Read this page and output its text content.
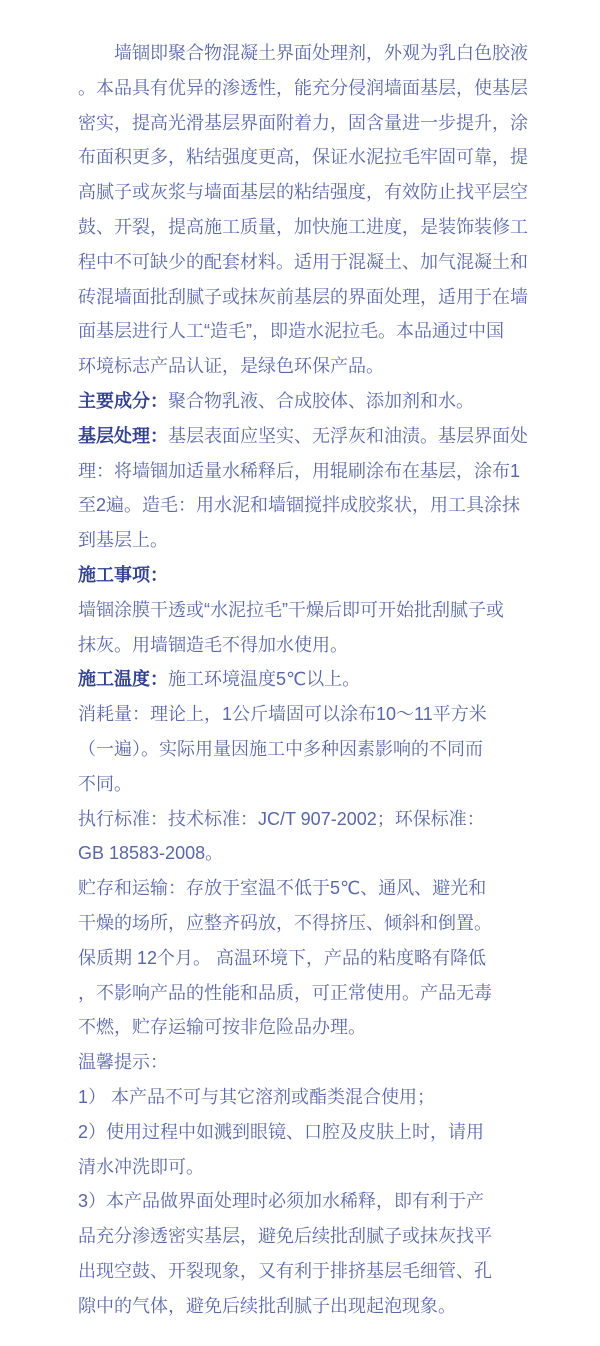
墙锢即聚合物混凝土界面处理剂，外观为乳白色胶液
。本品具有优异的渗透性，能充分侵润墙面基层，使基层
密实，提高光滑基层界面附着力，固含量进一步提升，涂
布面积更多，粘结强度更高，保证水泥拉毛牢固可靠，提
高腻子或灰浆与墙面基层的粘结强度，有效防止找平层空
鼓、开裂，提高施工质量，加快施工进度，是装饰装修工
程中不可缺少的配套材料。适用于混凝土、加气混凝土和
砖混墙面批刮腻子或抹灰前基层的界面处理，适用于在墙
面基层进行人工“造毛”，即造水泥拉毛。本品通过中国
环境标志产品认证，是绿色环保产品。
主要成分：聚合物乳液、合成胶体、添加剂和水。
基层处理：基层表面应坚实、无浮灰和油渍。基层界面处
理：将墙锢加适量水稀释后，用辊刷涂布在基层，涂布1
至2遍。造毛：用水泥和墙锢搅拌成胶浆状，用工具涂抹
到基层上。
施工事项：
墙锢涂膜干透或“水泥拉毛”干燥后即可开始批刮腻子或
抹灰。用墙锢造毛不得加水使用。
施工温度：施工环境温度5℃以上。
消耗量：理论上，1公斤墙固可以涂布10～11平方米
（一遍）。实际用量因施工中多种因素影响的不同而
不同。
执行标准：技术标准：JC/T 907-2002；环保标准：
GB 18583-2008。
贮存和运输：存放于室温不低于5℃、通风、避光和
干燥的场所，应整齐码放，不得挤压、倾斜和倒置。
保质期 12个月。 高温环境下，产品的粘度略有降低
，不影响产品的性能和品质，可正常使用。产品无毒
不燃，贮存运输可按非危险品办理。
温馨提示：
1） 本产品不可与其它溶剂或酯类混合使用；
2）使用过程中如溅到眼镜、口腔及皮肤上时，请用
清水冲洗即可。
3）本产品做界面处理时必须加水稀释，即有利于产
品充分渗透密实基层，避免后续批刮腻子或抹灰找平
出现空鼓、开裂现象，又有利于排挤基层毛细管、孔
隙中的气体，避免后续批刮腻子出现起泡现象。
